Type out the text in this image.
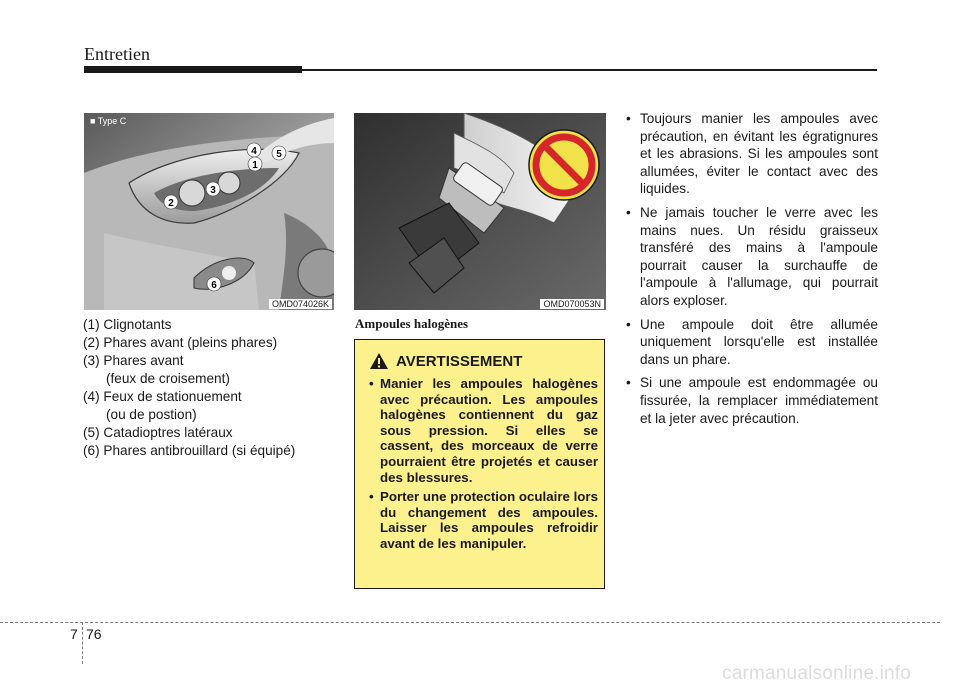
Entretien
4 5
1
3
2
6
■ Type C
OMD074026K	OMD070053N
(1) Clignotants
(2) Phares avant (pleins phares)
(3) Phares avant
(feux de croisement)
(4) Feux de stationuement
(ou de postion)
(5) Catadioptres latéraux
(6) Phares antibrouillard (si équipé)
Ampoules halogènes
AVERTISSEMENT
• Manier les ampoules halogènes avec précaution. Les ampoules halogènes contiennent du gaz sous pression. Si elles se cassent, des morceaux de verre pourraient être projetés et causer des blessures.
• Porter une protection oculaire lors du changement des ampoules. Laisser les ampoules refroidir avant de les manipuler.
• Toujours manier les ampoules avec précaution, en évitant les égratignures et les abrasions. Si les ampoules sont allumées, éviter le contact avec des liquides.
• Ne jamais toucher le verre avec les mains nues. Un résidu graisseux transféré des mains à l'ampoule pourrait causer la surchauffe de l'ampoule à l'allumage, qui pourrait alors exploser.
• Une ampoule doit être allumée uniquement lorsqu'elle est installée dans un phare.
• Si une ampoule est endommagée ou fissurée, la remplacer immédiatement et la jeter avec précaution.
7 76
carmanualsonline.info
